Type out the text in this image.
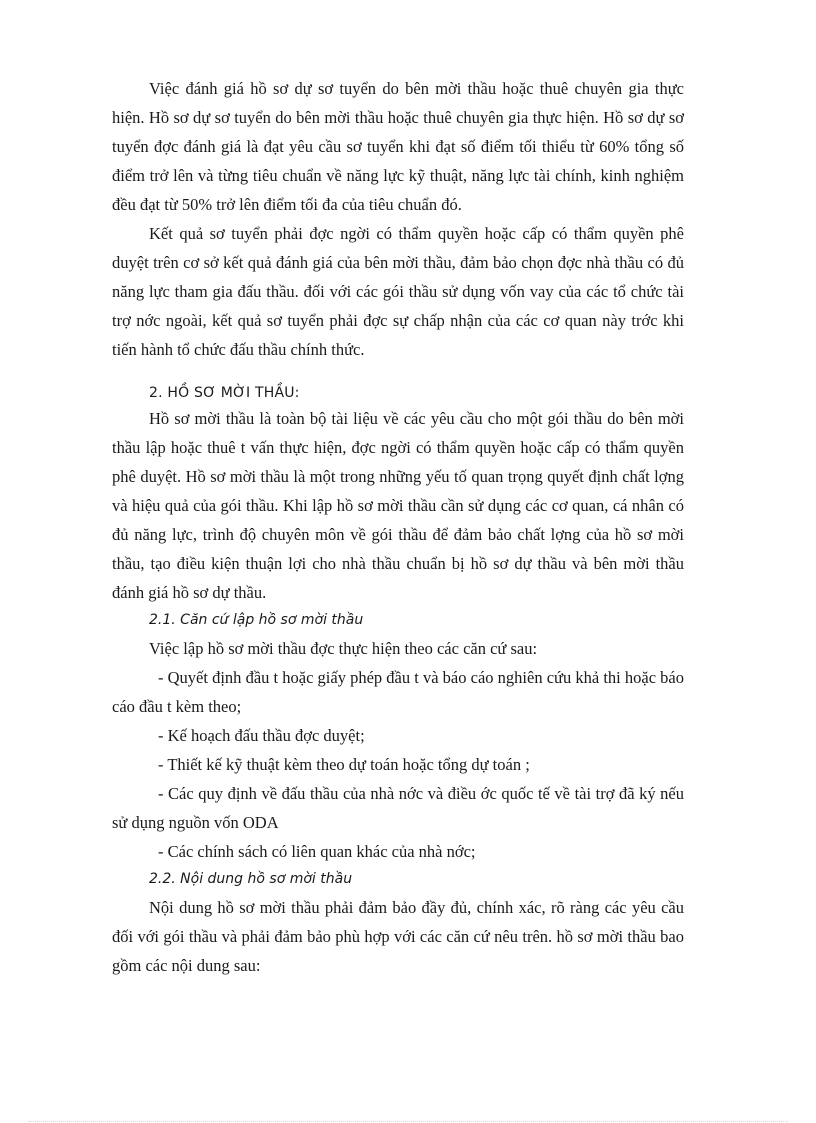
Việc đánh giá hồ sơ dự sơ tuyển do bên mời thầu hoặc thuê chuyên gia thực hiện. Hồ sơ dự sơ tuyển do bên mời thầu hoặc thuê chuyên gia thực hiện. Hồ sơ dự sơ tuyển đợc đánh giá là đạt yêu cầu sơ tuyển khi đạt số điểm tối thiểu từ 60% tổng số điểm trở lên và từng tiêu chuẩn về năng lực kỹ thuật, năng lực tài chính, kinh nghiệm đều đạt từ 50% trở lên điểm tối đa của tiêu chuẩn đó.

Kết quả sơ tuyển phải đợc ngời có thẩm quyền hoặc cấp có thẩm quyền phê duyệt trên cơ sở kết quả đánh giá của bên mời thầu, đảm bảo chọn đợc nhà thầu có đủ năng lực tham gia đấu thầu. đối với các gói thầu sử dụng vốn vay của các tổ chức tài trợ nớc ngoài, kết quả sơ tuyển phải đợc sự chấp nhận của các cơ quan này trớc khi tiến hành tổ chức đấu thầu chính thức.

2. HỒ SƠ MỜI THẦU:

Hồ sơ mời thầu là toàn bộ tài liệu về các yêu cầu cho một gói thầu do bên mời thầu lập hoặc thuê t vấn thực hiện, đợc ngời có thẩm quyền hoặc cấp có thẩm quyền phê duyệt. Hồ sơ mời thầu là một trong những yếu tố quan trọng quyết định chất lợng và hiệu quả của gói thầu. Khi lập hồ sơ mời thầu cần sử dụng các cơ quan, cá nhân có đủ năng lực, trình độ chuyên môn về gói thầu để đảm bảo chất lợng của hồ sơ mời thầu, tạo điều kiện thuận lợi cho nhà thầu chuẩn bị hồ sơ dự thầu và bên mời thầu đánh giá hồ sơ dự thầu.

2.1. Căn cứ lập hồ sơ mời thầu

Việc lập hồ sơ mời thầu đợc thực hiện theo các căn cứ sau:

- Quyết định đầu t hoặc giấy phép đầu t và báo cáo nghiên cứu khả thi hoặc báo cáo đầu t kèm theo;
- Kế hoạch đấu thầu đợc duyệt;
- Thiết kế kỹ thuật kèm theo dự toán hoặc tổng dự toán ;
- Các quy định về đấu thầu của nhà nớc và điều ớc quốc tế về tài trợ đã ký nếu sử dụng nguồn vốn ODA
- Các chính sách có liên quan khác của nhà nớc;
2.2. Nội dung hồ sơ mời thầu

Nội dung hồ sơ mời thầu phải đảm bảo đầy đủ, chính xác, rõ ràng các yêu cầu đối với gói thầu và phải đảm bảo phù hợp với các căn cứ nêu trên. hồ sơ mời thầu bao gồm các nội dung sau:
